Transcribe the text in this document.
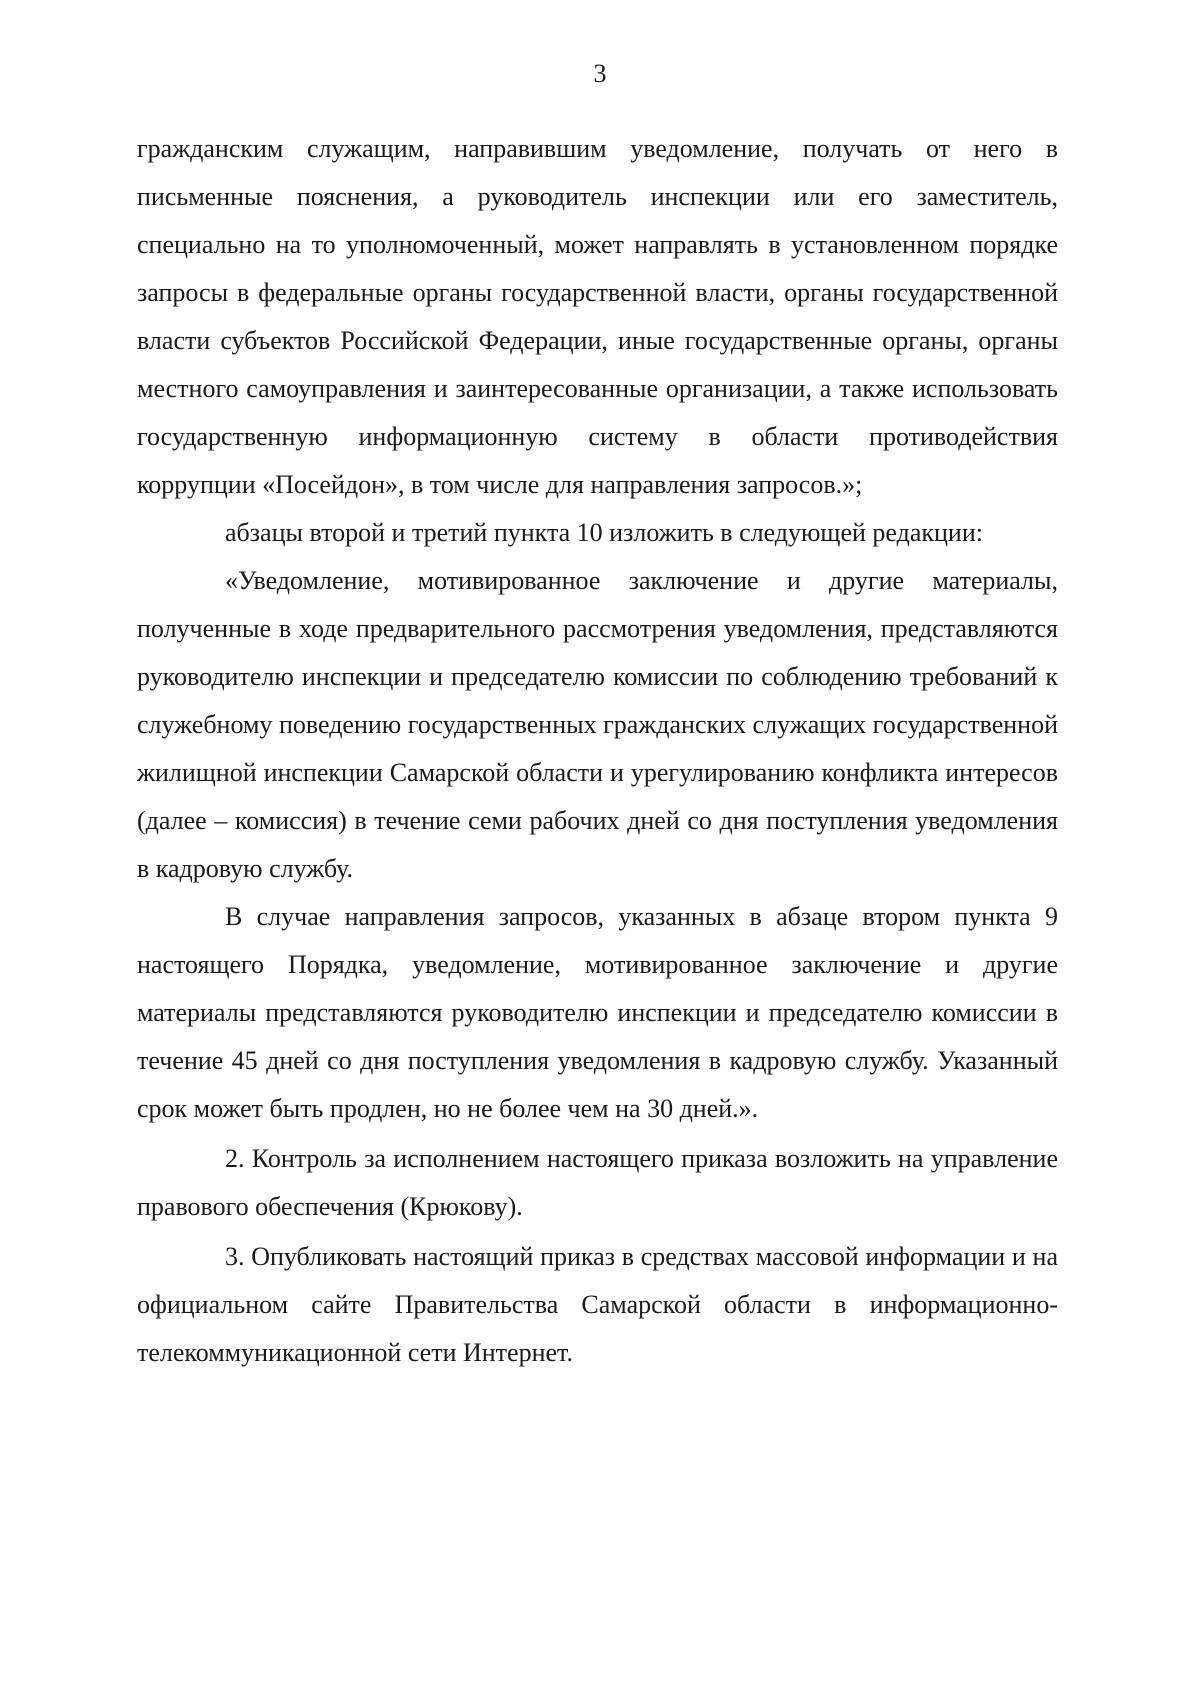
3

гражданским служащим, направившим уведомление, получать от него в письменные пояснения, а руководитель инспекции или его заместитель, специально на то уполномоченный, может направлять в установленном порядке запросы в федеральные органы государственной власти, органы государственной власти субъектов Российской Федерации, иные государственные органы, органы местного самоуправления и заинтересованные организации, а также использовать государственную информационную систему в области противодействия коррупции «Посейдон», в том числе для направления запросов.»;

абзацы второй и третий пункта 10 изложить в следующей редакции:

«Уведомление, мотивированное заключение и другие материалы, полученные в ходе предварительного рассмотрения уведомления, представляются руководителю инспекции и председателю комиссии по соблюдению требований к служебному поведению государственных гражданских служащих государственной жилищной инспекции Самарской области и урегулированию конфликта интересов (далее – комиссия) в течение семи рабочих дней со дня поступления уведомления в кадровую службу.

В случае направления запросов, указанных в абзаце втором пункта 9 настоящего Порядка, уведомление, мотивированное заключение и другие материалы представляются руководителю инспекции и председателю комиссии в течение 45 дней со дня поступления уведомления в кадровую службу. Указанный срок может быть продлен, но не более чем на 30 дней.».

2. Контроль за исполнением настоящего приказа возложить на управление правового обеспечения (Крюкову).

3. Опубликовать настоящий приказ в средствах массовой информации и на официальном сайте Правительства Самарской области в информационно-телекоммуникационной сети Интернет.
